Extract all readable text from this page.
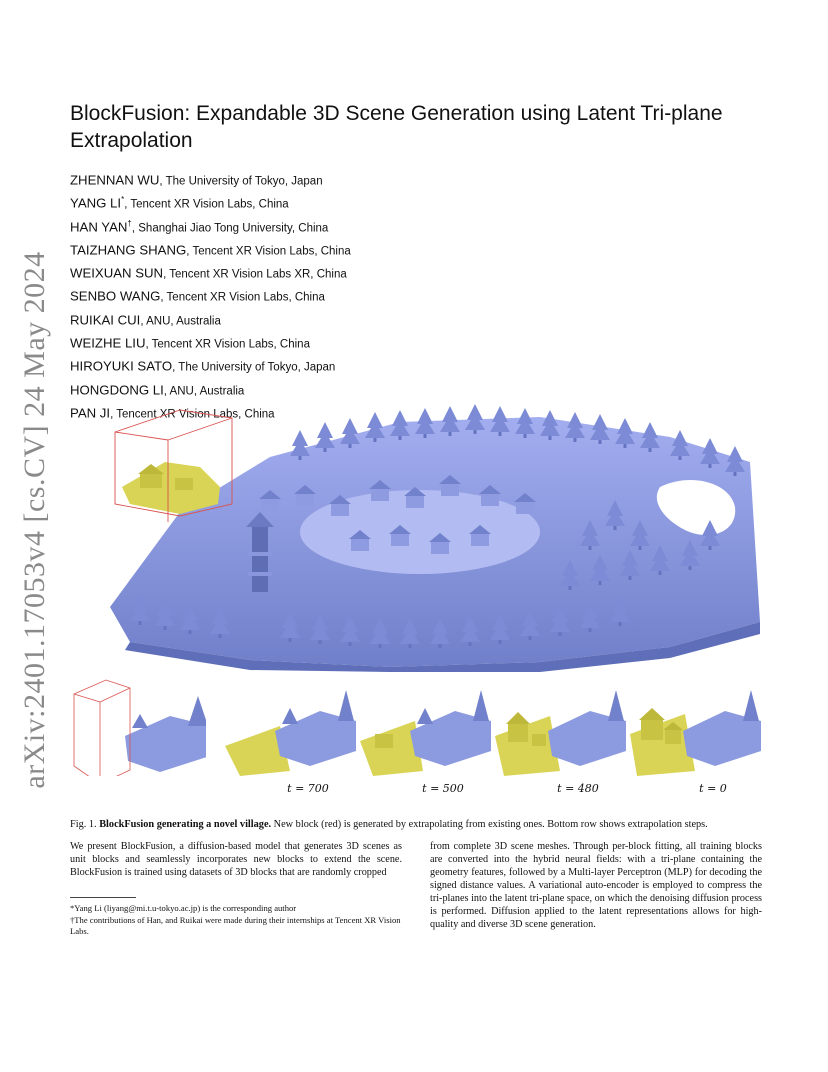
arXiv:2401.17053v4 [cs.CV] 24 May 2024
BlockFusion: Expandable 3D Scene Generation using Latent Tri-plane Extrapolation
ZHENNAN WU, The University of Tokyo, Japan
YANG LI*, Tencent XR Vision Labs, China
HAN YAN†, Shanghai Jiao Tong University, China
TAIZHANG SHANG, Tencent XR Vision Labs, China
WEIXUAN SUN, Tencent XR Vision Labs XR, China
SENBO WANG, Tencent XR Vision Labs, China
RUIKAI CUI, ANU, Australia
WEIZHE LIU, Tencent XR Vision Labs, China
HIROYUKI SATO, The University of Tokyo, Japan
HONGDONG LI, ANU, Australia
PAN JI, Tencent XR Vision Labs, China
t = 700	t = 500	t = 480	t = 0
Fig. 1. BlockFusion generating a novel village. New block (red) is generated by extrapolating from existing ones. Bottom row shows extrapolation steps.
We present BlockFusion, a diffusion-based model that generates 3D scenes as unit blocks and seamlessly incorporates new blocks to extend the scene. BlockFusion is trained using datasets of 3D blocks that are randomly cropped
from complete 3D scene meshes. Through per-block fitting, all training blocks are converted into the hybrid neural fields: with a tri-plane containing the geometry features, followed by a Multi-layer Perceptron (MLP) for decoding the signed distance values. A variational auto-encoder is employed to compress the tri-planes into the latent tri-plane space, on which the denoising diffusion process is performed. Diffusion applied to the latent representations allows for high-quality and diverse 3D scene generation.

*Yang Li (liyang@mi.t.u-tokyo.ac.jp) is the corresponding author

†The contributions of Han, and Ruikai were made during their internships at Tencent XR Vision Labs.
